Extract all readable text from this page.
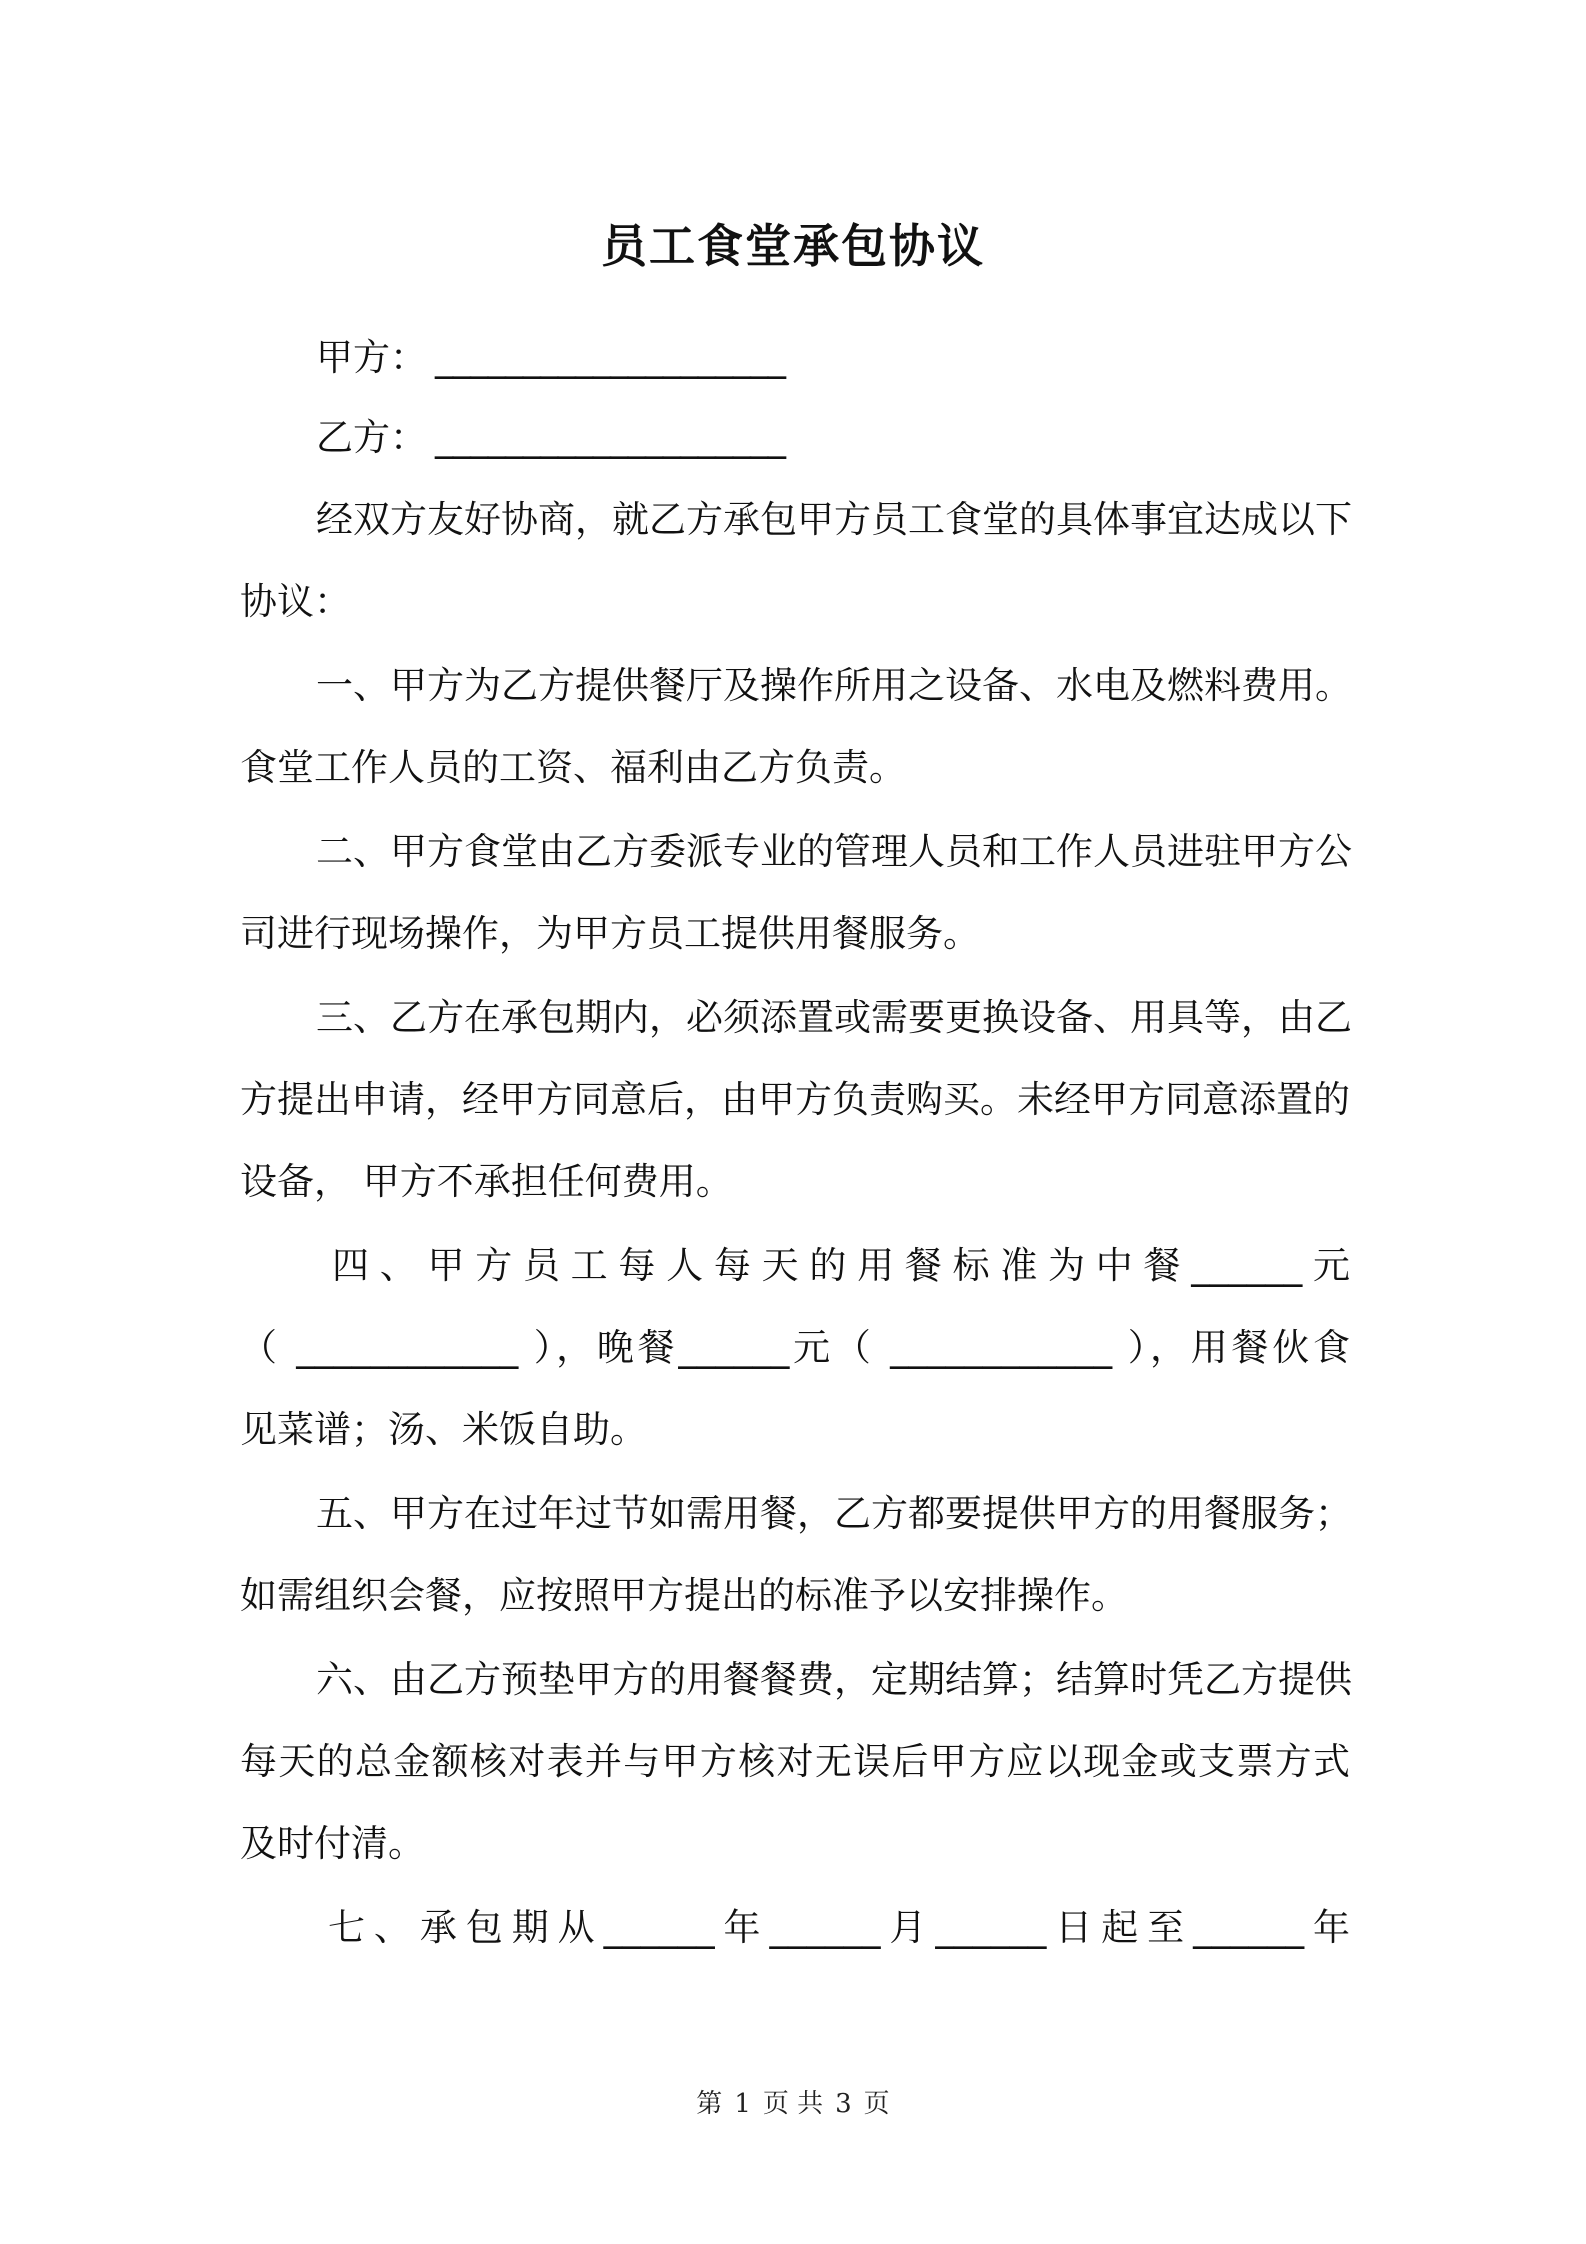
员工食堂承包协议
甲方： ____________________
乙方： ____________________
经双方友好协商，就乙方承包甲方员工食堂的具体事宜达成以下
协议：
一、甲方为乙方提供餐厅及操作所用之设备、水电及燃料费用。
食堂工作人员的工资、福利由乙方负责。
二、甲方食堂由乙方委派专业的管理人员和工作人员进驻甲方公
司进行现场操作，为甲方员工提供用餐服务。
三、乙方在承包期内，必须添置或需要更换设备、用具等，由乙
方提出申请，经甲方同意后，由甲方负责购买。未经甲方同意添置的
设备， 甲方不承担任何费用。
四、甲方员工每人每天的用餐标准为中餐______元
（ ____________ ），晚餐______元（ ____________ ），用餐伙食
见菜谱；汤、米饭自助。
五、甲方在过年过节如需用餐，乙方都要提供甲方的用餐服务；
如需组织会餐，应按照甲方提出的标准予以安排操作。
六、由乙方预垫甲方的用餐餐费，定期结算；结算时凭乙方提供
每天的总金额核对表并与甲方核对无误后甲方应以现金或支票方式
及时付清。
七、承包期从______年______月______日起至______年
第 1 页 共 3 页
